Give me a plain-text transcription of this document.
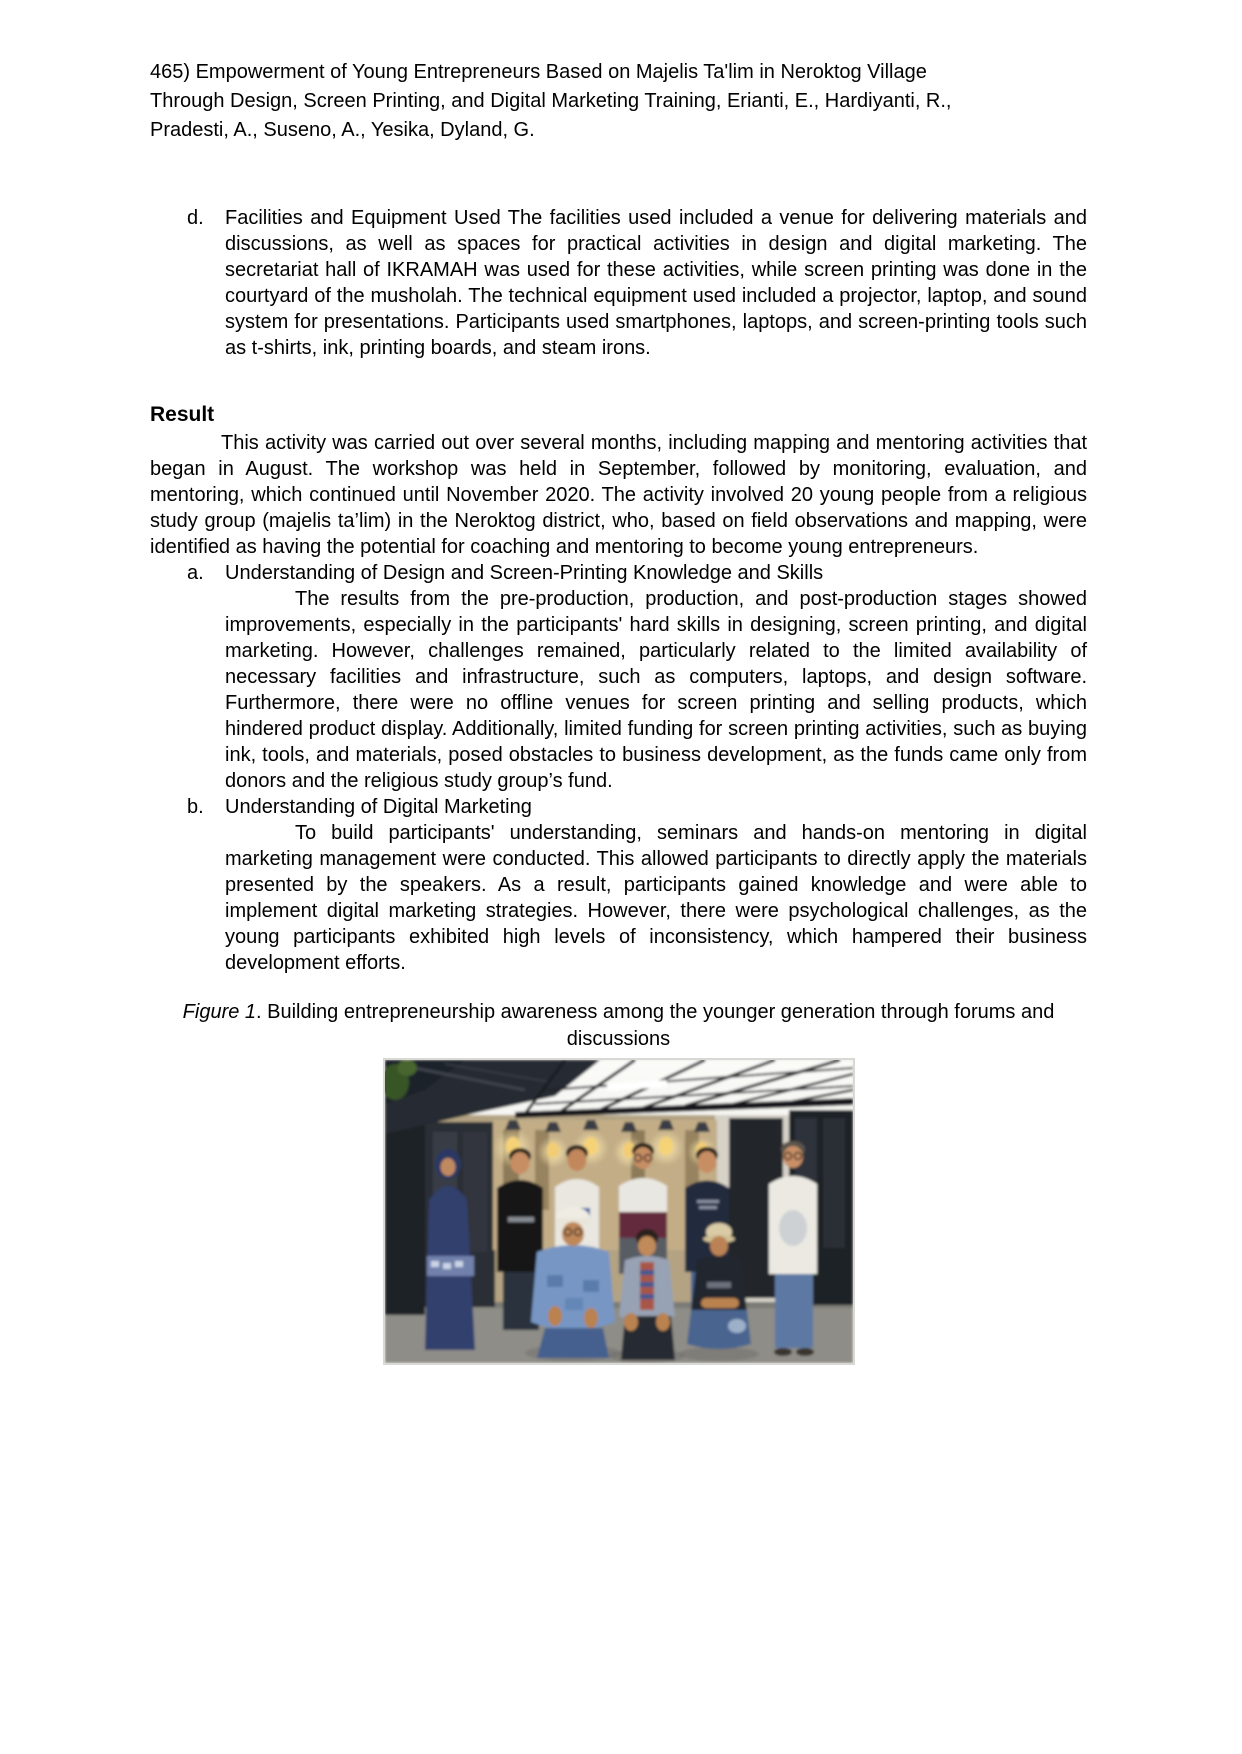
465) Empowerment of Young Entrepreneurs Based on Majelis Ta'lim in Neroktog Village
Through Design, Screen Printing, and Digital Marketing Training, Erianti, E., Hardiyanti, R.,
Pradesti, A., Suseno, A., Yesika, Dyland, G.
d. Facilities and Equipment Used The facilities used included a venue for delivering materials and discussions, as well as spaces for practical activities in design and digital marketing. The secretariat hall of IKRAMAH was used for these activities, while screen printing was done in the courtyard of the musholah. The technical equipment used included a projector, laptop, and sound system for presentations. Participants used smartphones, laptops, and screen-printing tools such as t-shirts, ink, printing boards, and steam irons.
Result

This activity was carried out over several months, including mapping and mentoring activities that began in August. The workshop was held in September, followed by monitoring, evaluation, and mentoring, which continued until November 2020. The activity involved 20 young people from a religious study group (majelis ta’lim) in the Neroktog district, who, based on field observations and mapping, were identified as having the potential for coaching and mentoring to become young entrepreneurs.

a. Understanding of Design and Screen-Printing Knowledge and Skills

The results from the pre-production, production, and post-production stages showed improvements, especially in the participants' hard skills in designing, screen printing, and digital marketing. However, challenges remained, particularly related to the limited availability of necessary facilities and infrastructure, such as computers, laptops, and design software. Furthermore, there were no offline venues for screen printing and selling products, which hindered product display. Additionally, limited funding for screen printing activities, such as buying ink, tools, and materials, posed obstacles to business development, as the funds came only from donors and the religious study group’s fund.

b. Understanding of Digital Marketing

To build participants' understanding, seminars and hands-on mentoring in digital marketing management were conducted. This allowed participants to directly apply the materials presented by the speakers. As a result, participants gained knowledge and were able to implement digital marketing strategies. However, there were psychological challenges, as the young participants exhibited high levels of inconsistency, which hampered their business development efforts.

Figure 1. Building entrepreneurship awareness among the younger generation through forums and discussions
